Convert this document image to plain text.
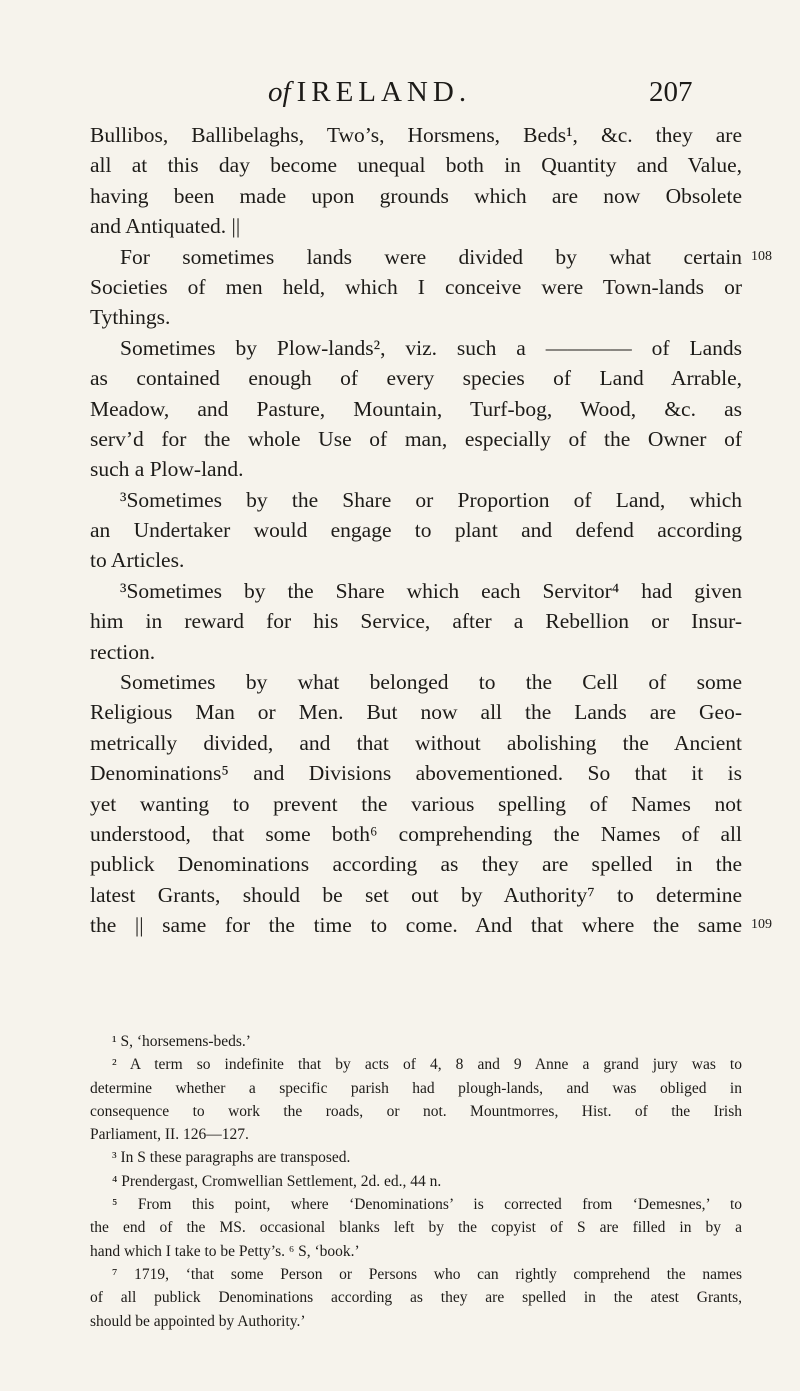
of IRELAND.	207
Bullibos, Ballibelaghs, Two’s, Horsmens, Beds¹, &c. they are
all at this day become unequal both in Quantity and Value,
having been made upon grounds which are now Obsolete
and Antiquated. ||
For sometimes lands were divided by what certain 108
Societies of men held, which I conceive were Town-lands or
Tythings.
Sometimes by Plow-lands², viz. such a ———— of Lands
as contained enough of every species of Land Arrable,
Meadow, and Pasture, Mountain, Turf-bog, Wood, &c. as
serv’d for the whole Use of man, especially of the Owner of
such a Plow-land.
³Sometimes by the Share or Proportion of Land, which
an Undertaker would engage to plant and defend according
to Articles.
³Sometimes by the Share which each Servitor⁴ had given
him in reward for his Service, after a Rebellion or Insur-
rection.
Sometimes by what belonged to the Cell of some
Religious Man or Men. But now all the Lands are Geo-
metrically divided, and that without abolishing the Ancient
Denominations⁵ and Divisions abovementioned. So that it is
yet wanting to prevent the various spelling of Names not
understood, that some both⁶ comprehending the Names of all
publick Denominations according as they are spelled in the
latest Grants, should be set out by Authority⁷ to determine
the || same for the time to come. And that where the same 109
¹ S, ‘horsemens-beds.’
² A term so indefinite that by acts of 4, 8 and 9 Anne a grand jury was to
determine whether a specific parish had plough-lands, and was obliged in
consequence to work the roads, or not. Mountmorres, Hist. of the Irish
Parliament, II. 126—127.
³ In S these paragraphs are transposed.
⁴ Prendergast, Cromwellian Settlement, 2d. ed., 44 n.
⁵ From this point, where ‘Denominations’ is corrected from ‘Demesnes,’ to
the end of the MS. occasional blanks left by the copyist of S are filled in by a
hand which I take to be Petty’s. ⁶ S, ‘book.’
⁷ 1719, ‘that some Person or Persons who can rightly comprehend the names
of all publick Denominations according as they are spelled in the atest Grants,
should be appointed by Authority.’
